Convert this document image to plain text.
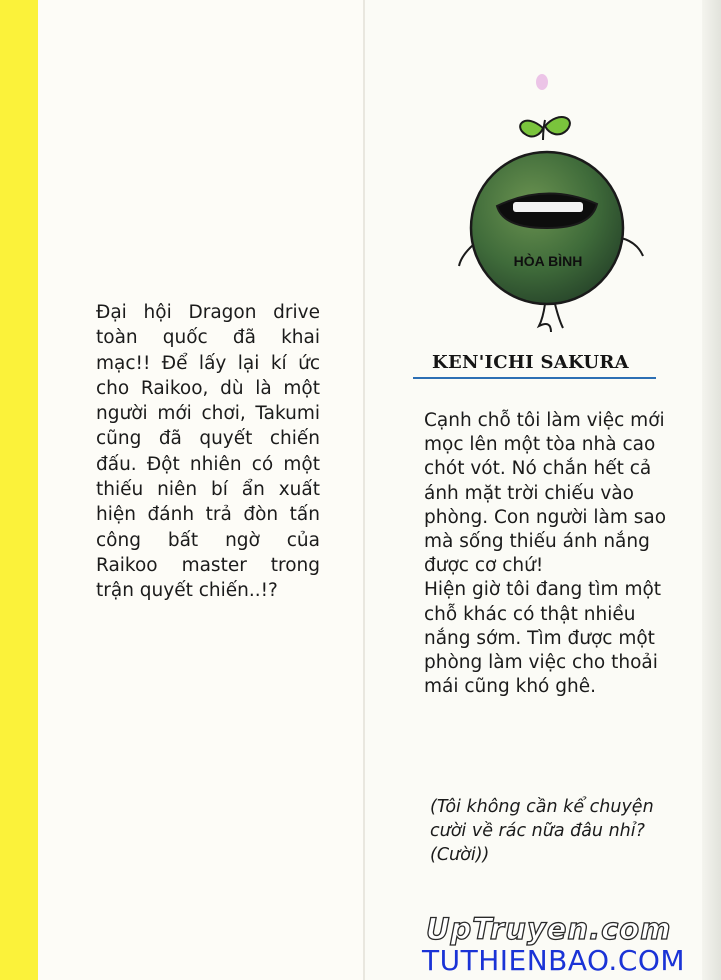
Đại hội Dragon drive toàn quốc đã khai mạc!! Để lấy lại kí ức cho Raikoo, dù là một người mới chơi, Takumi cũng đã quyết chiến đấu. Đột nhiên có một thiếu niên bí ẩn xuất hiện đánh trả đòn tấn công bất ngờ của Raikoo master trong trận quyết chiến..!?

HÒA BÌNH

KEN'ICHI SAKURA

Cạnh chỗ tôi làm việc mới mọc lên một tòa nhà cao chót vót. Nó chắn hết cả ánh mặt trời chiếu vào phòng. Con người làm sao mà sống thiếu ánh nắng được cơ chứ!
Hiện giờ tôi đang tìm một chỗ khác có thật nhiều nắng sớm. Tìm được một phòng làm việc cho thoải mái cũng khó ghê.

(Tôi không cần kể chuyện cười về rác nữa đâu nhỉ? (Cười))

UpTruyen.com

TUTHIENBAO.COM
